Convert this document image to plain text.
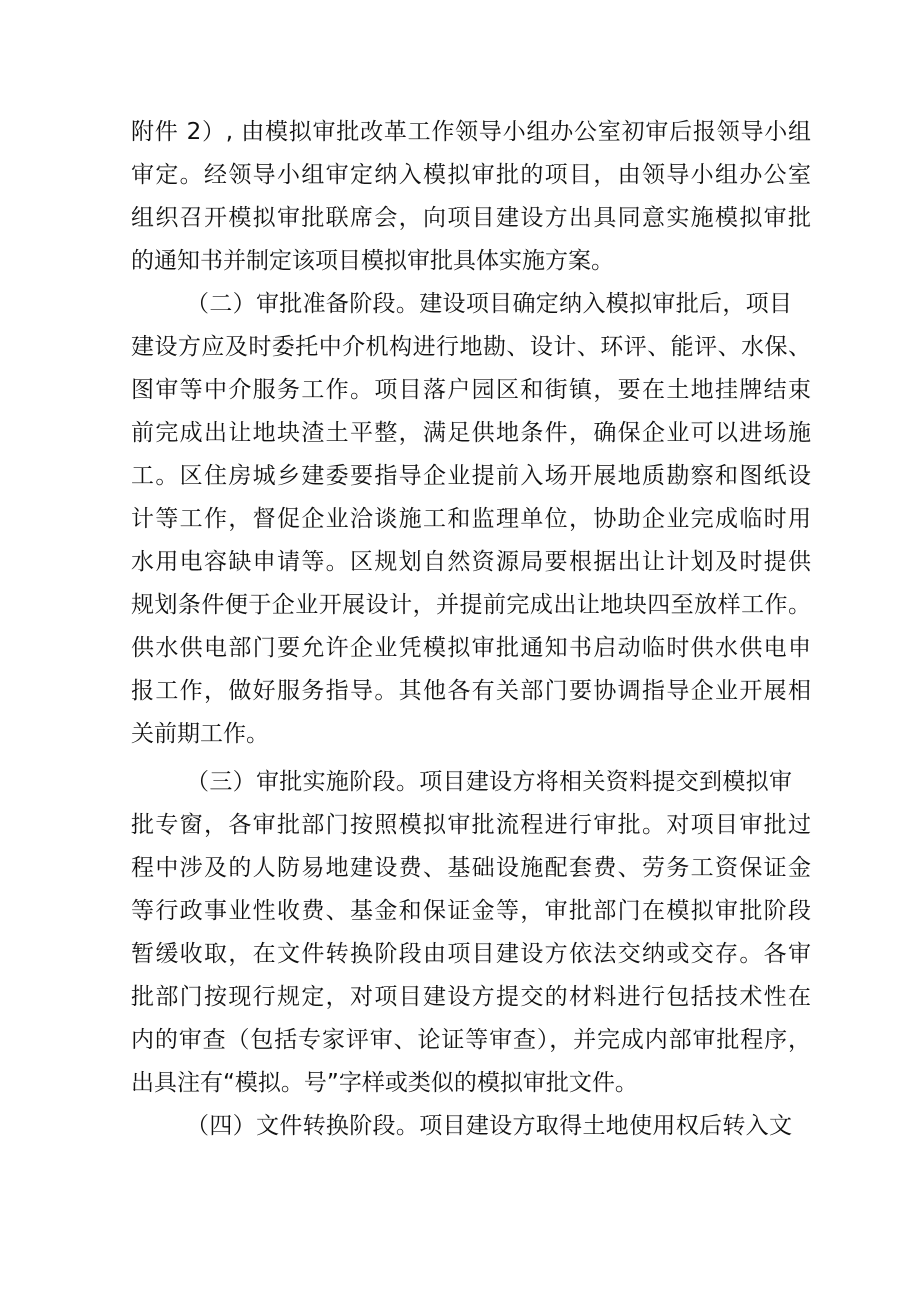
附件 2）, 由模拟审批改革工作领导小组办公室初审后报领导小组
审定。经领导小组审定纳入模拟审批的项目，由领导小组办公室
组织召开模拟审批联席会，向项目建设方出具同意实施模拟审批
的通知书并制定该项目模拟审批具体实施方案。
（二）审批准备阶段。建设项目确定纳入模拟审批后，项目
建设方应及时委托中介机构进行地勘、设计、环评、能评、水保、
图审等中介服务工作。项目落户园区和街镇，要在土地挂牌结束
前完成出让地块渣土平整，满足供地条件，确保企业可以进场施
工。区住房城乡建委要指导企业提前入场开展地质勘察和图纸设
计等工作，督促企业洽谈施工和监理单位，协助企业完成临时用
水用电容缺申请等。区规划自然资源局要根据出让计划及时提供
规划条件便于企业开展设计，并提前完成出让地块四至放样工作。
供水供电部门要允许企业凭模拟审批通知书启动临时供水供电申
报工作，做好服务指导。其他各有关部门要协调指导企业开展相
关前期工作。
（三）审批实施阶段。项目建设方将相关资料提交到模拟审
批专窗，各审批部门按照模拟审批流程进行审批。对项目审批过
程中涉及的人防易地建设费、基础设施配套费、劳务工资保证金
等行政事业性收费、基金和保证金等，审批部门在模拟审批阶段
暂缓收取，在文件转换阶段由项目建设方依法交纳或交存。各审
批部门按现行规定，对项目建设方提交的材料进行包括技术性在
内的审查（包括专家评审、论证等审查），并完成内部审批程序，
出具注有“模拟。号”字样或类似的模拟审批文件。
（四）文件转换阶段。项目建设方取得土地使用权后转入文
